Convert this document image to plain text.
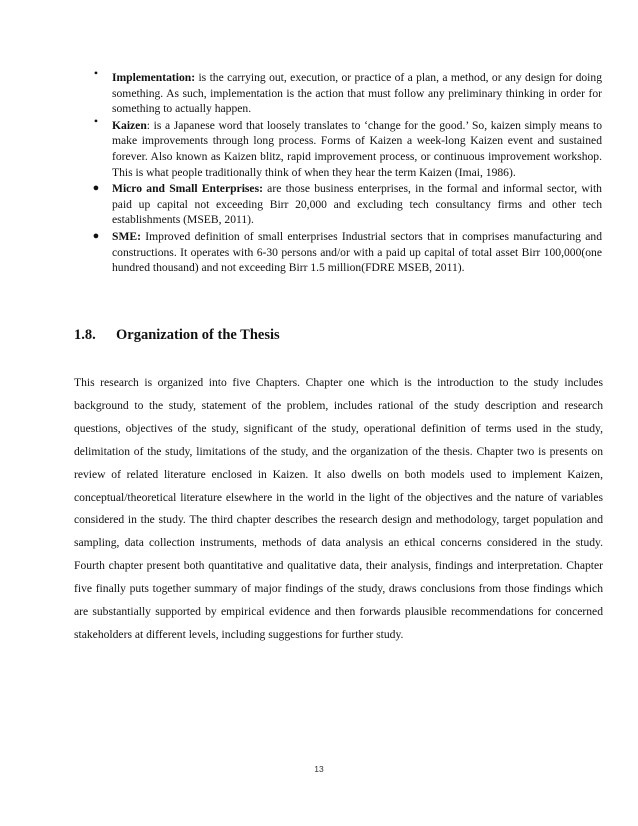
•	Implementation: is the carrying out, execution, or practice of a plan, a method, or any design for doing something. As such, implementation is the action that must follow any preliminary thinking in order for something to actually happen.
•	Kaizen: is a Japanese word that loosely translates to ‘change for the good.’ So, kaizen simply means to make improvements through long process. Forms of Kaizen a week-long Kaizen event and sustained forever. Also known as Kaizen blitz, rapid improvement process, or continuous improvement workshop. This is what people traditionally think of when they hear the term Kaizen (Imai, 1986).
● Micro and Small Enterprises: are those business enterprises, in the formal and informal sector, with paid up capital not exceeding Birr 20,000 and excluding tech consultancy firms and other tech establishments (MSEB, 2011).
● SME: Improved definition of small enterprises Industrial sectors that in comprises manufacturing and constructions. It operates with 6-30 persons and/or with a paid up capital of total asset Birr 100,000(one hundred thousand) and not exceeding Birr 1.5 million(FDRE MSEB, 2011).
1.8. Organization of the Thesis
This research is organized into five Chapters. Chapter one which is the introduction to the study includes background to the study, statement of the problem, includes rational of the study description and research questions, objectives of the study, significant of the study, operational definition of terms used in the study, delimitation of the study, limitations of the study, and the organization of the thesis. Chapter two is presents on review of related literature enclosed in Kaizen. It also dwells on both models used to implement Kaizen, conceptual/theoretical literature elsewhere in the world in the light of the objectives and the nature of variables considered in the study. The third chapter describes the research design and methodology, target population and sampling, data collection instruments, methods of data analysis an ethical concerns considered in the study. Fourth chapter present both quantitative and qualitative data, their analysis, findings and interpretation. Chapter five finally puts together summary of major findings of the study, draws conclusions from those findings which are substantially supported by empirical evidence and then forwards plausible recommendations for concerned stakeholders at different levels, including suggestions for further study.
13
